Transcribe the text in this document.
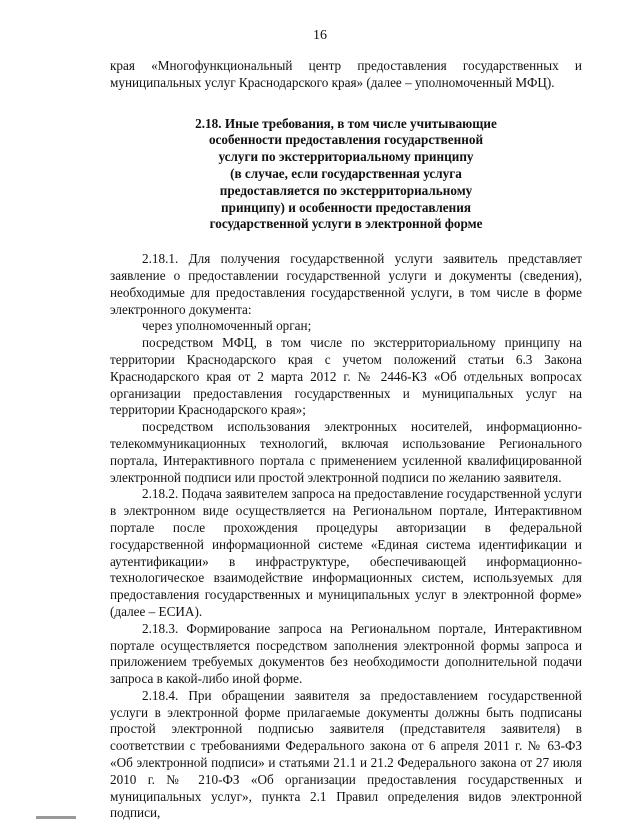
16

края «Многофункциональный центр предоставления государственных и муниципальных услуг Краснодарского края» (далее – уполномоченный МФЦ).

2.18. Иные требования, в том числе учитывающие
особенности предоставления государственной
услуги по экстерриториальному принципу
(в случае, если государственная услуга
предоставляется по экстерриториальному
принципу) и особенности предоставления
государственной услуги в электронной форме

2.18.1. Для получения государственной услуги заявитель представляет заявление о предоставлении государственной услуги и документы (сведения), необходимые для предоставления государственной услуги, в том числе в форме электронного документа:

через уполномоченный орган;

посредством МФЦ, в том числе по экстерриториальному принципу на территории Краснодарского края с учетом положений статьи 6.3 Закона Краснодарского края от 2 марта 2012 г. № 2446-КЗ «Об отдельных вопросах организации предоставления государственных и муниципальных услуг на территории Краснодарского края»;

посредством использования электронных носителей, информационно-телекоммуникационных технологий, включая использование Регионального портала, Интерактивного портала с применением усиленной квалифицированной электронной подписи или простой электронной подписи по желанию заявителя.

2.18.2. Подача заявителем запроса на предоставление государственной услуги в электронном виде осуществляется на Региональном портале, Интерактивном портале после прохождения процедуры авторизации в федеральной государственной информационной системе «Единая система идентификации и аутентификации» в инфраструктуре, обеспечивающей информационно-технологическое взаимодействие информационных систем, используемых для предоставления государственных и муниципальных услуг в электронной форме» (далее – ЕСИА).

2.18.3. Формирование запроса на Региональном портале, Интерактивном портале осуществляется посредством заполнения электронной формы запроса и приложением требуемых документов без необходимости дополнительной подачи запроса в какой-либо иной форме.

2.18.4. При обращении заявителя за предоставлением государственной услуги в электронной форме прилагаемые документы должны быть подписаны простой электронной подписью заявителя (представителя заявителя) в соответствии с требованиями Федерального закона от 6 апреля 2011 г. № 63-ФЗ «Об электронной подписи» и статьями 21.1 и 21.2 Федерального закона от 27 июля 2010 г. № 210-ФЗ «Об организации предоставления государственных и муниципальных услуг», пункта 2.1 Правил определения видов электронной подписи,
